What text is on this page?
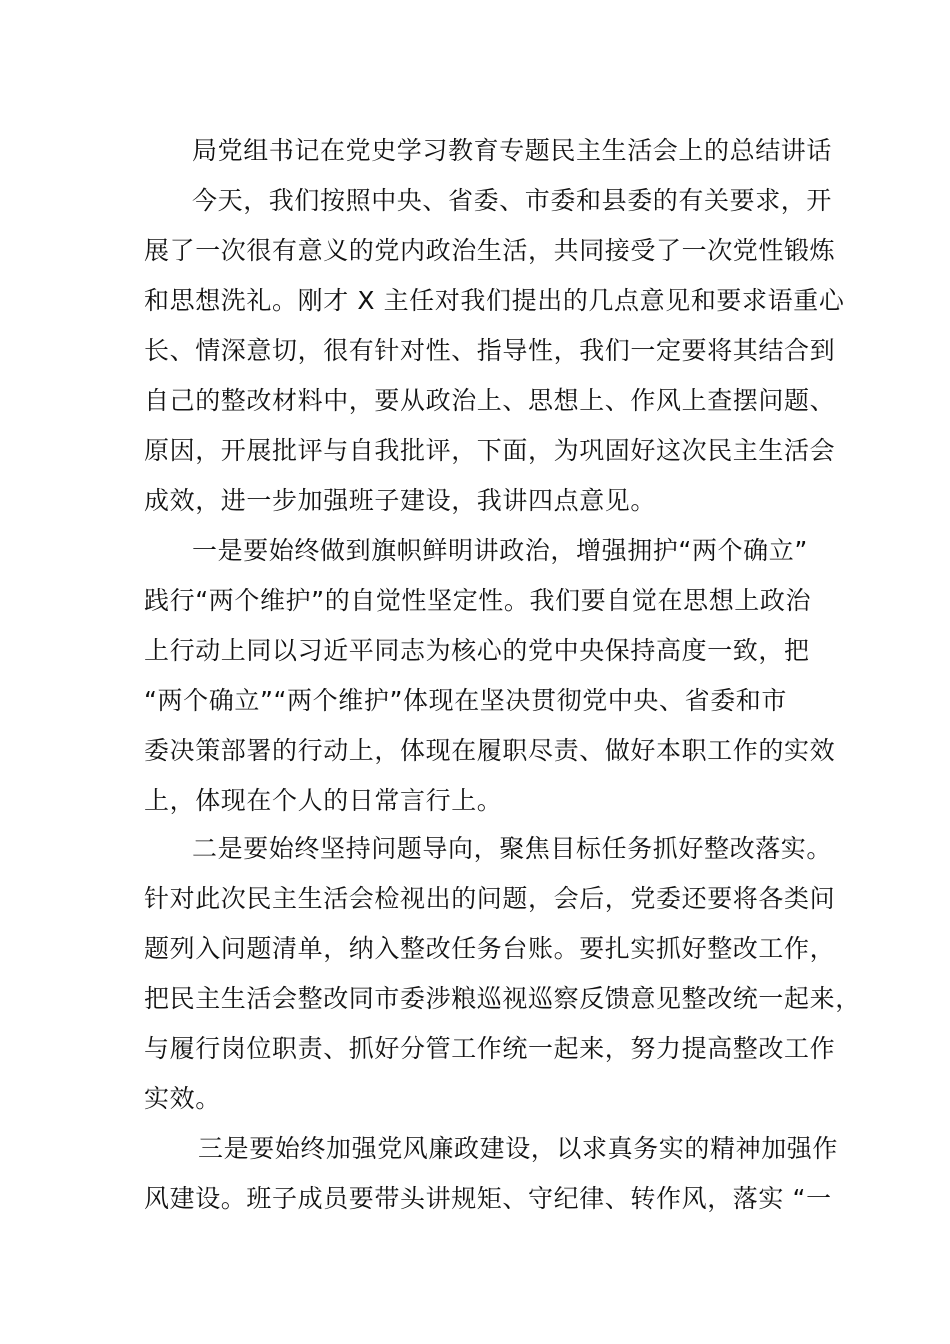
局党组书记在党史学习教育专题民主生活会上的总结讲话
今天，我们按照中央、省委、市委和县委的有关要求，开
展了一次很有意义的党内政治生活，共同接受了一次党性锻炼
和思想洗礼。刚才 X 主任对我们提出的几点意见和要求语重心
长、情深意切，很有针对性、指导性，我们一定要将其结合到
自己的整改材料中，要从政治上、思想上、作风上查摆问题、
原因，开展批评与自我批评，下面，为巩固好这次民主生活会
成效，进一步加强班子建设，我讲四点意见。
一是要始终做到旗帜鲜明讲政治，增强拥护“两个确立”
践行“两个维护”的自觉性坚定性。我们要自觉在思想上政治
上行动上同以习近平同志为核心的党中央保持高度一致，把
“两个确立”“两个维护”体现在坚决贯彻党中央、省委和市
委决策部署的行动上，体现在履职尽责、做好本职工作的实效
上，体现在个人的日常言行上。
二是要始终坚持问题导向，聚焦目标任务抓好整改落实。
针对此次民主生活会检视出的问题，会后，党委还要将各类问
题列入问题清单，纳入整改任务台账。要扎实抓好整改工作，
把民主生活会整改同市委涉粮巡视巡察反馈意见整改统一起来，
与履行岗位职责、抓好分管工作统一起来，努力提高整改工作
实效。
三是要始终加强党风廉政建设，以求真务实的精神加强作
风建设。班子成员要带头讲规矩、守纪律、转作风，落实 “一
